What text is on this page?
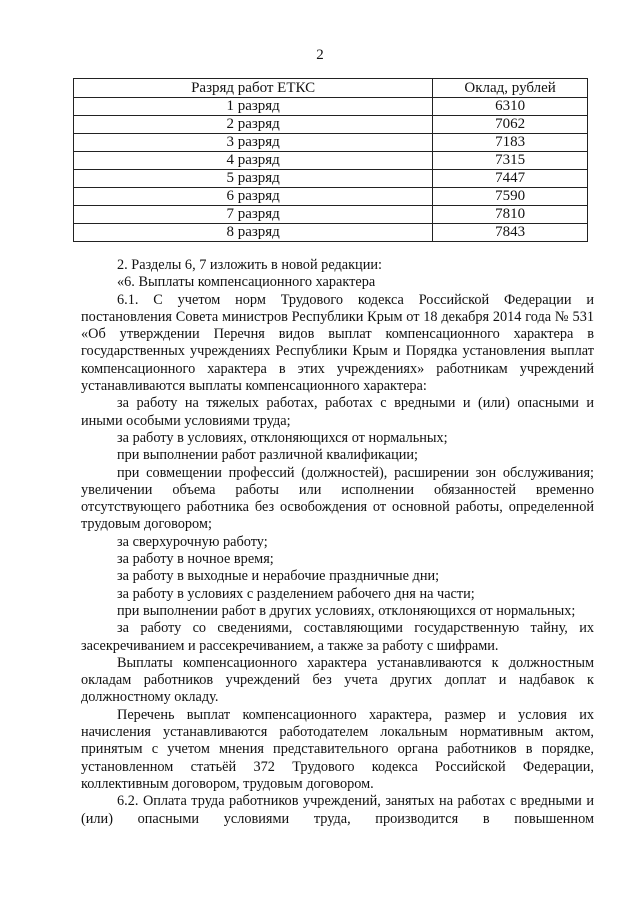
2
Разряд работ ЕТКС	Оклад, рублей
1 разряд	6310
2 разряд	7062
3 разряд	7183
4 разряд	7315
5 разряд	7447
6 разряд	7590
7 разряд	7810
8 разряд	7843

2. Разделы 6, 7 изложить в новой редакции:

«6. Выплаты компенсационного характера

6.1. С учетом норм Трудового кодекса Российской Федерации и постановления Совета министров Республики Крым от 18 декабря 2014 года № 531 «Об утверждении Перечня видов выплат компенсационного характера в государственных учреждениях Республики Крым и Порядка установления выплат компенсационного характера в этих учреждениях» работникам учреждений устанавливаются выплаты компенсационного характера:

за работу на тяжелых работах, работах с вредными и (или) опасными и иными особыми условиями труда;

за работу в условиях, отклоняющихся от нормальных;

при выполнении работ различной квалификации;

при совмещении профессий (должностей), расширении зон обслуживания; увеличении объема работы или исполнении обязанностей временно отсутствующего работника без освобождения от основной работы, определенной трудовым договором;

за сверхурочную работу;

за работу в ночное время;

за работу в выходные и нерабочие праздничные дни;

за работу в условиях с разделением рабочего дня на части;

при выполнении работ в других условиях, отклоняющихся от нормальных;

за работу со сведениями, составляющими государственную тайну, их засекречиванием и рассекречиванием, а также за работу с шифрами.

Выплаты компенсационного характера устанавливаются к должностным окладам работников учреждений без учета других доплат и надбавок к должностному окладу.

Перечень выплат компенсационного характера, размер и условия их начисления устанавливаются работодателем локальным нормативным актом, принятым с учетом мнения представительного органа работников в порядке, установленном статьёй 372 Трудового кодекса Российской Федерации, коллективным договором, трудовым договором.

6.2. Оплата труда работников учреждений, занятых на работах с вредными и (или) опасными условиями труда, производится в повышенном
